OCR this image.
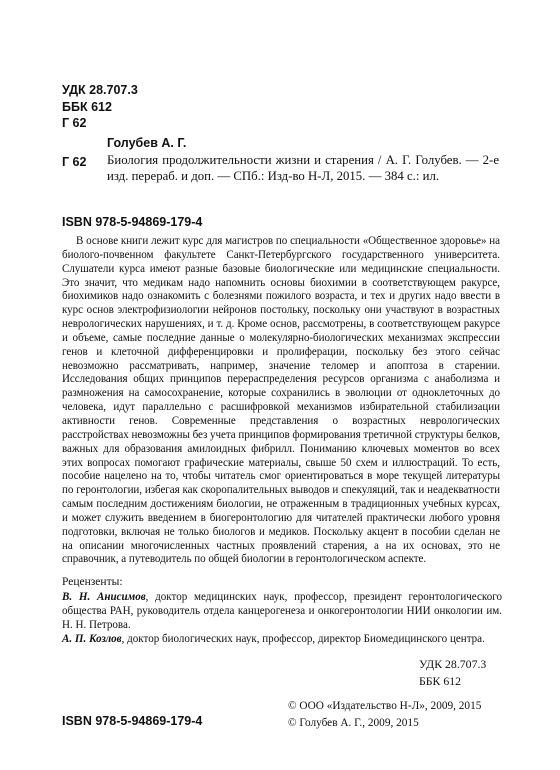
УДК 28.707.3
ББК 612
Г 62
Голубев А. Г.
Г 62 Биология продолжительности жизни и старения / А. Г. Голубев. — 2-е изд. перераб. и доп. — СПб.: Изд-во Н-Л, 2015. — 384 с.: ил.
ISBN 978-5-94869-179-4
В основе книги лежит курс для магистров по специальности «Общественное здоровье» на биолого-почвенном факультете Санкт-Петербургского государственного университета. Слушатели курса имеют разные базовые биологические или медицинские специальности. Это значит, что медикам надо напомнить основы биохимии в соответствующем ракурсе, биохимиков надо ознакомить с болезнями пожилого возраста, и тех и других надо ввести в курс основ электрофизиологии нейронов постольку, поскольку они участвуют в возрастных неврологических нарушениях, и т. д. Кроме основ, рассмотрены, в соответствующем ракурсе и объеме, самые последние данные о молекулярно-биологических механизмах экспрессии генов и клеточной дифференцировки и пролиферации, поскольку без этого сейчас невозможно рассматривать, например, значение теломер и апоптоза в старении. Исследования общих принципов перераспределения ресурсов организма с анаболизма и размножения на самосохранение, которые сохранились в эволюции от одноклеточных до человека, идут параллельно с расшифровкой механизмов избирательной стабилизации активности генов. Современные представления о возрастных неврологических расстройствах невозможны без учета принципов формирования третичной структуры белков, важных для образования амилоидных фибрилл. Пониманию ключевых моментов во всех этих вопросах помогают графические материалы, свыше 50 схем и иллюстраций. То есть, пособие нацелено на то, чтобы читатель смог ориентироваться в море текущей литературы по геронтологии, избегая как скоропалительных выводов и спекуляций, так и неадекватности самым последним достижениям биологии, не отраженным в традиционных учебных курсах, и может служить введением в биогеронтологию для читателей практически любого уровня подготовки, включая не только биологов и медиков. Поскольку акцент в пособии сделан не на описании многочисленных частных проявлений старения, а на их основах, это не справочник, а путеводитель по общей биологии в геронтологическом аспекте.
Рецензенты:

В. Н. Анисимов, доктор медицинских наук, профессор, президент геронтологического общества РАН, руководитель отдела канцерогенеза и онкогеронтологии НИИ онкологии им. Н. Н. Петрова.

А. П. Козлов, доктор биологических наук, профессор, директор Биомедицинского центра.

УДК 28.707.3
ББК 612
© ООО «Издательство Н-Л», 2009, 2015
© Голубев А. Г., 2009, 2015
ISBN 978-5-94869-179-4
